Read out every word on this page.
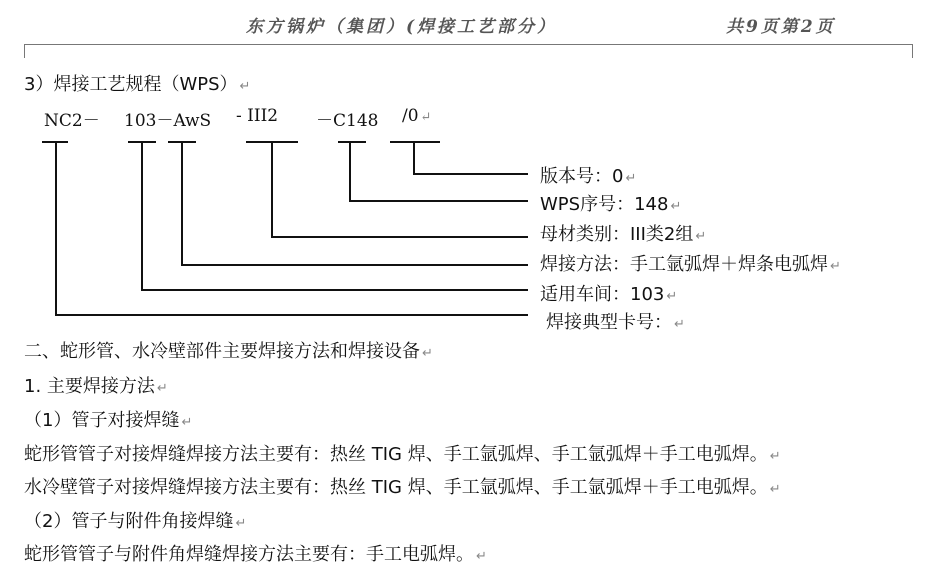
东方锅炉（集团）(焊接工艺部分）	共9页第2页
3）焊接工艺规程（WPS） ↵
NC2－ 103－AwS - III2 －C148 /0 ↵
版本号：0 ↵
WPS序号：148 ↵
母材类别：III类2组 ↵
焊接方法：手工氩弧焊＋焊条电弧焊 ↵
适用车间：103 ↵
焊接典型卡号： ↵
二、蛇形管、水冷壁部件主要焊接方法和焊接设备 ↵
1. 主要焊接方法 ↵
（1）管子对接焊缝 ↵
蛇形管管子对接焊缝焊接方法主要有：热丝 TIG 焊、手工氩弧焊、手工氩弧焊＋手工电弧焊。 ↵
水冷壁管子对接焊缝焊接方法主要有：热丝 TIG 焊、手工氩弧焊、手工氩弧焊＋手工电弧焊。 ↵
（2）管子与附件角接焊缝 ↵
蛇形管管子与附件角焊缝焊接方法主要有：手工电弧焊。 ↵
